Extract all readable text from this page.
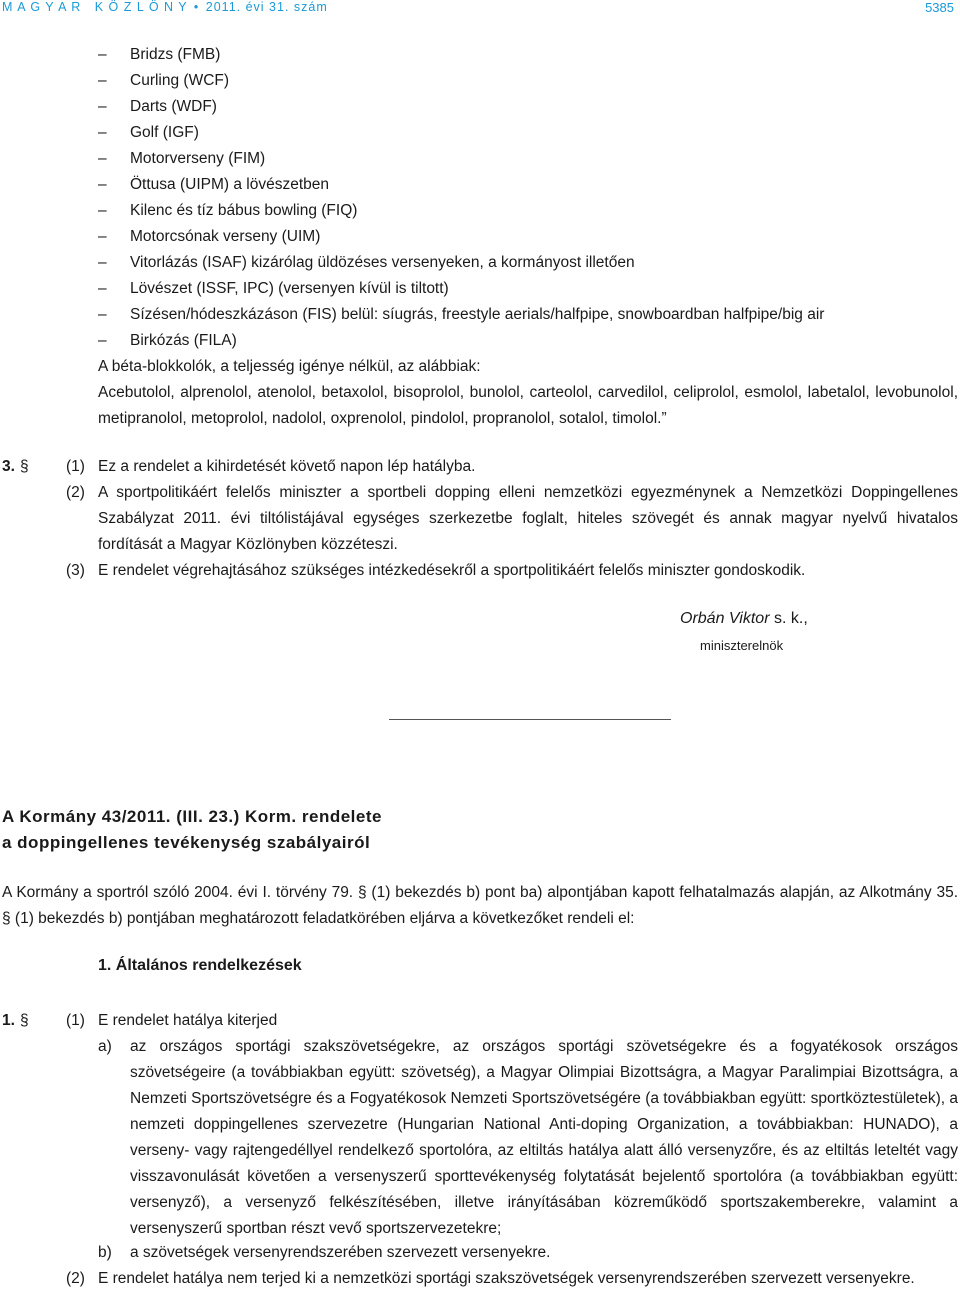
M A G Y A R   K Ö Z L Ö N Y • 2011. évi 31. szám	5385
–	Bridzs (FMB)
–	Curling (WCF)
–	Darts (WDF)
–	Golf (IGF)
–	Motorverseny (FIM)
–	Öttusa (UIPM) a lövészetben
–	Kilenc és tíz bábus bowling (FIQ)
–	Motorcsónak verseny (UIM)
–	Vitorlázás (ISAF) kizárólag üldözéses versenyeken, a kormányost illetően
–	Lövészet (ISSF, IPC) (versenyen kívül is tiltott)
–	Sízésen/hódeszkázáson (FIS) belül: síugrás, freestyle aerials/halfpipe, snowboardban halfpipe/big air
–	Birkózás (FILA)
A béta-blokkolók, a teljesség igénye nélkül, az alábbiak:
Acebutolol, alprenolol, atenolol, betaxolol, bisoprolol, bunolol, carteolol, carvedilol, celiprolol, esmolol, labetalol, levobunolol, metipranolol, metoprolol, nadolol, oxprenolol, pindolol, propranolol, sotalol, timolol.”
3. § (1) Ez a rendelet a kihirdetését követő napon lép hatályba.
(2) A sportpolitikáért felelős miniszter a sportbeli dopping elleni nemzetközi egyezménynek a Nemzetközi Doppingellenes Szabályzat 2011. évi tiltólistájával egységes szerkezetbe foglalt, hiteles szövegét és annak magyar nyelvű hivatalos fordítását a Magyar Közlönyben közzéteszi.
(3) E rendelet végrehajtásához szükséges intézkedésekről a sportpolitikáért felelős miniszter gondoskodik.
Orbán Viktor s. k.,
miniszterelnök
A Kormány 43/2011. (III. 23.) Korm. rendelete
a doppingellenes tevékenység szabályairól
A Kormány a sportról szóló 2004. évi I. törvény 79. § (1) bekezdés b) pont ba) alpontjában kapott felhatalmazás alapján, az Alkotmány 35. § (1) bekezdés b) pontjában meghatározott feladatkörében eljárva a következőket rendeli el:
1. Általános rendelkezések
1. § (1) E rendelet hatálya kiterjed
a) az országos sportági szakszövetségekre, az országos sportági szövetségekre és a fogyatékosok országos szövetségeire (a továbbiakban együtt: szövetség), a Magyar Olimpiai Bizottságra, a Magyar Paralimpiai Bizottságra, a Nemzeti Sportszövetségre és a Fogyatékosok Nemzeti Sportszövetségére (a továbbiakban együtt: sportköztestületek), a nemzeti doppingellenes szervezetre (Hungarian National Anti-doping Organization, a továbbiakban: HUNADO), a verseny- vagy rajtengedéllyel rendelkező sportolóra, az eltiltás hatálya alatt álló versenyzőre, és az eltiltás leteltét vagy visszavonulását követően a versenyszerű sporttevékenység folytatását bejelentő sportolóra (a továbbiakban együtt: versenyző), a versenyző felkészítésében, illetve irányításában közreműködő sportszakemberekre, valamint a versenyszerű sportban részt vevő sportszervezetekre;
b) a szövetségek versenyrendszerében szervezett versenyekre.
(2) E rendelet hatálya nem terjed ki a nemzetközi sportági szakszövetségek versenyrendszerében szervezett versenyekre.
